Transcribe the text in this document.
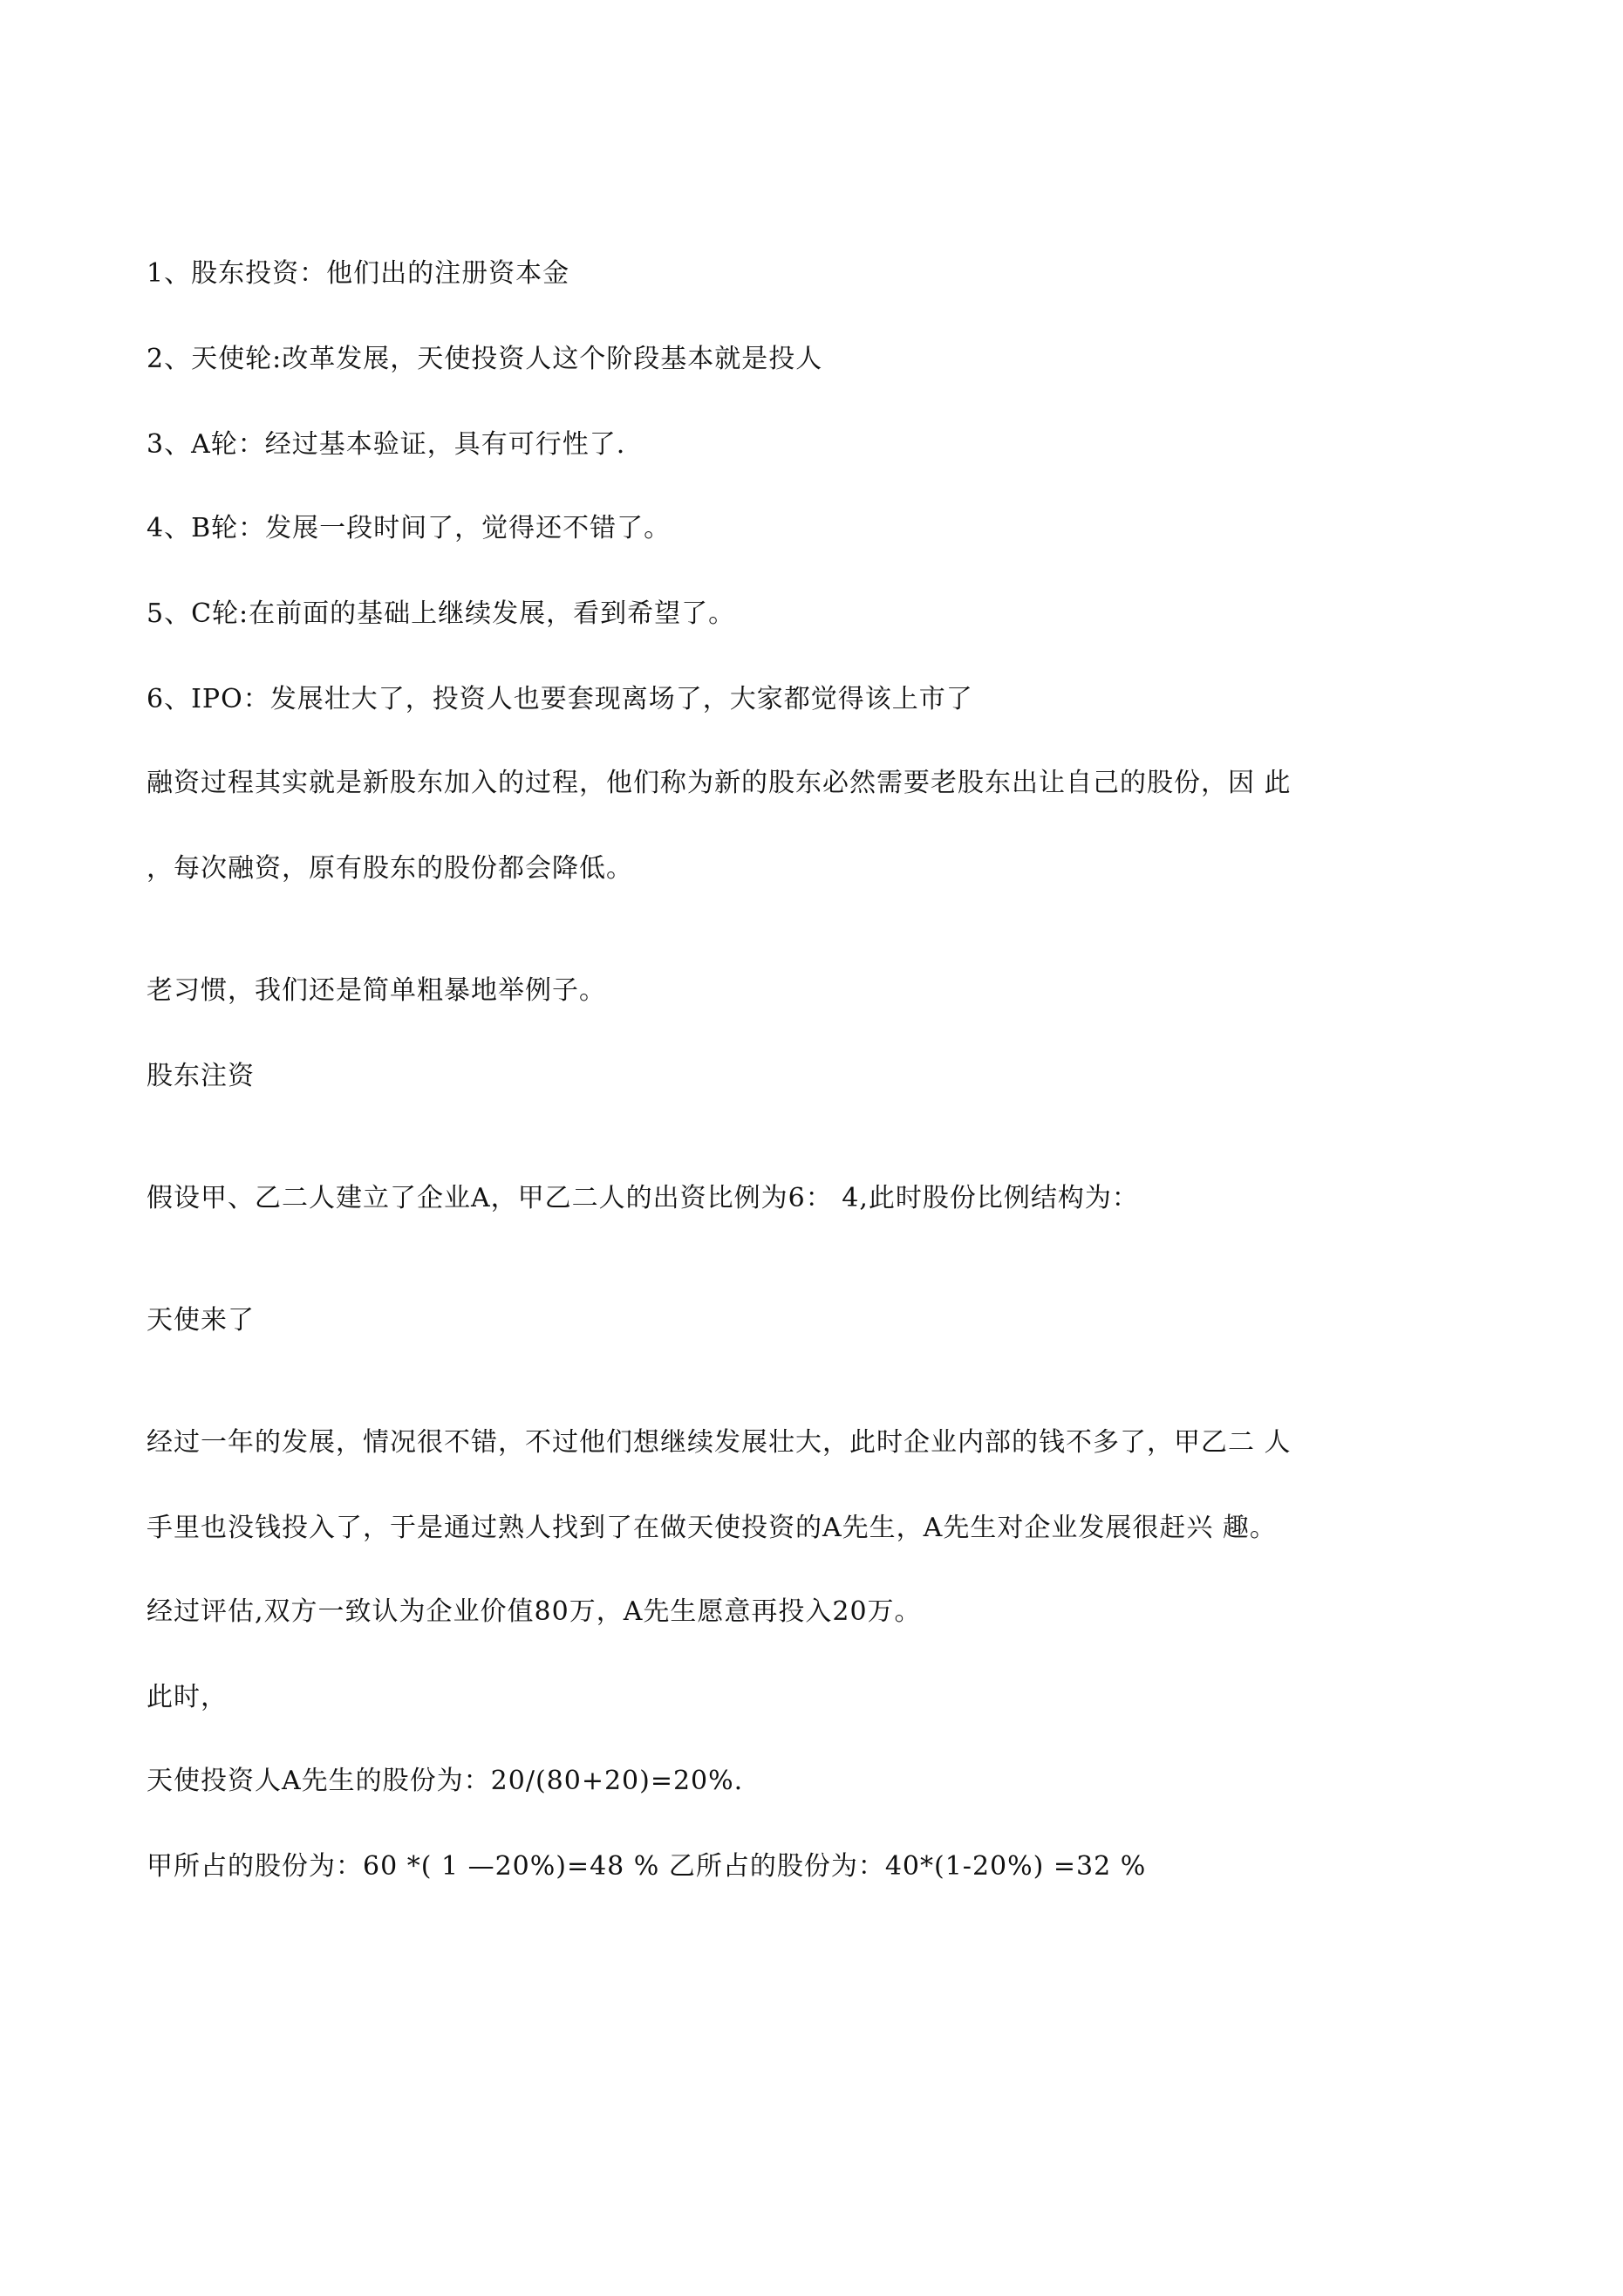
1、股东投资：他们出的注册资本金

2、天使轮:改革发展，天使投资人这个阶段基本就是投人

3、A轮：经过基本验证，具有可行性了.

4、B轮：发展一段时间了，觉得还不错了。

5、C轮:在前面的基础上继续发展，看到希望了。

6、IPO：发展壮大了，投资人也要套现离场了，大家都觉得该上市了

融资过程其实就是新股东加入的过程，他们称为新的股东必然需要老股东出让自己的股份，因 此

，每次融资，原有股东的股份都会降低。

老习惯，我们还是简单粗暴地举例子。

股东注资

假设甲、乙二人建立了企业A，甲乙二人的出资比例为6： 4,此时股份比例结构为：

天使来了

经过一年的发展，情况很不错，不过他们想继续发展壮大，此时企业内部的钱不多了，甲乙二 人

手里也没钱投入了，于是通过熟人找到了在做天使投资的A先生，A先生对企业发展很赶兴 趣。

经过评估,双方一致认为企业价值80万，A先生愿意再投入20万。

此时，

天使投资人A先生的股份为：20/(80+20)=20%.

甲所占的股份为：60 *( 1 —20%)=48 % 乙所占的股份为：40*(1-20%) =32 %
